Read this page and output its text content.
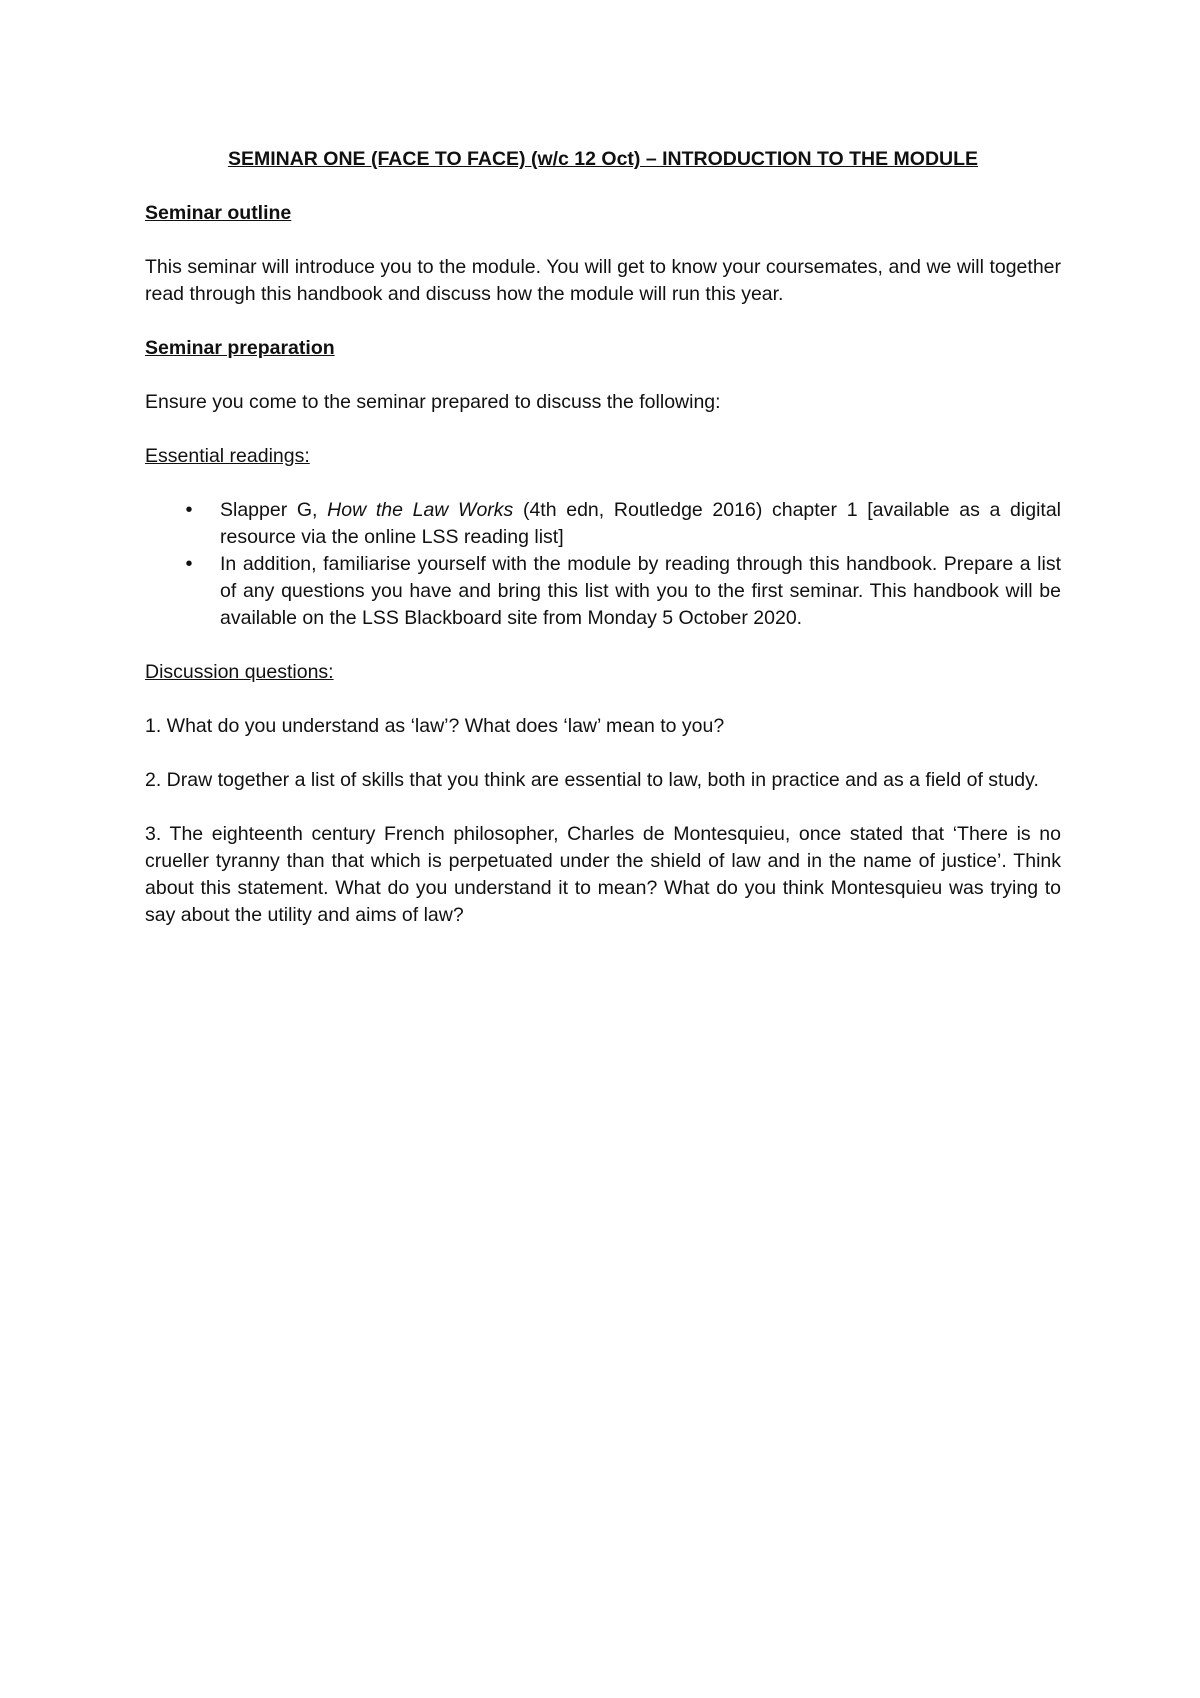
SEMINAR ONE (FACE TO FACE) (w/c 12 Oct) – INTRODUCTION TO THE MODULE
Seminar outline

This seminar will introduce you to the module. You will get to know your coursemates, and we will together read through this handbook and discuss how the module will run this year.

Seminar preparation

Ensure you come to the seminar prepared to discuss the following:

Essential readings:
•
Slapper G, How the Law Works (4th edn, Routledge 2016) chapter 1 [available as a digital resource via the online LSS reading list]
•
In addition, familiarise yourself with the module by reading through this handbook. Prepare a list of any questions you have and bring this list with you to the first seminar. This handbook will be available on the LSS Blackboard site from Monday 5 October 2020.
Discussion questions:

1. What do you understand as ‘law’? What does ‘law’ mean to you?

2. Draw together a list of skills that you think are essential to law, both in practice and as a field of study.

3. The eighteenth century French philosopher, Charles de Montesquieu, once stated that ‘There is no crueller tyranny than that which is perpetuated under the shield of law and in the name of justice’. Think about this statement. What do you understand it to mean? What do you think Montesquieu was trying to say about the utility and aims of law?
